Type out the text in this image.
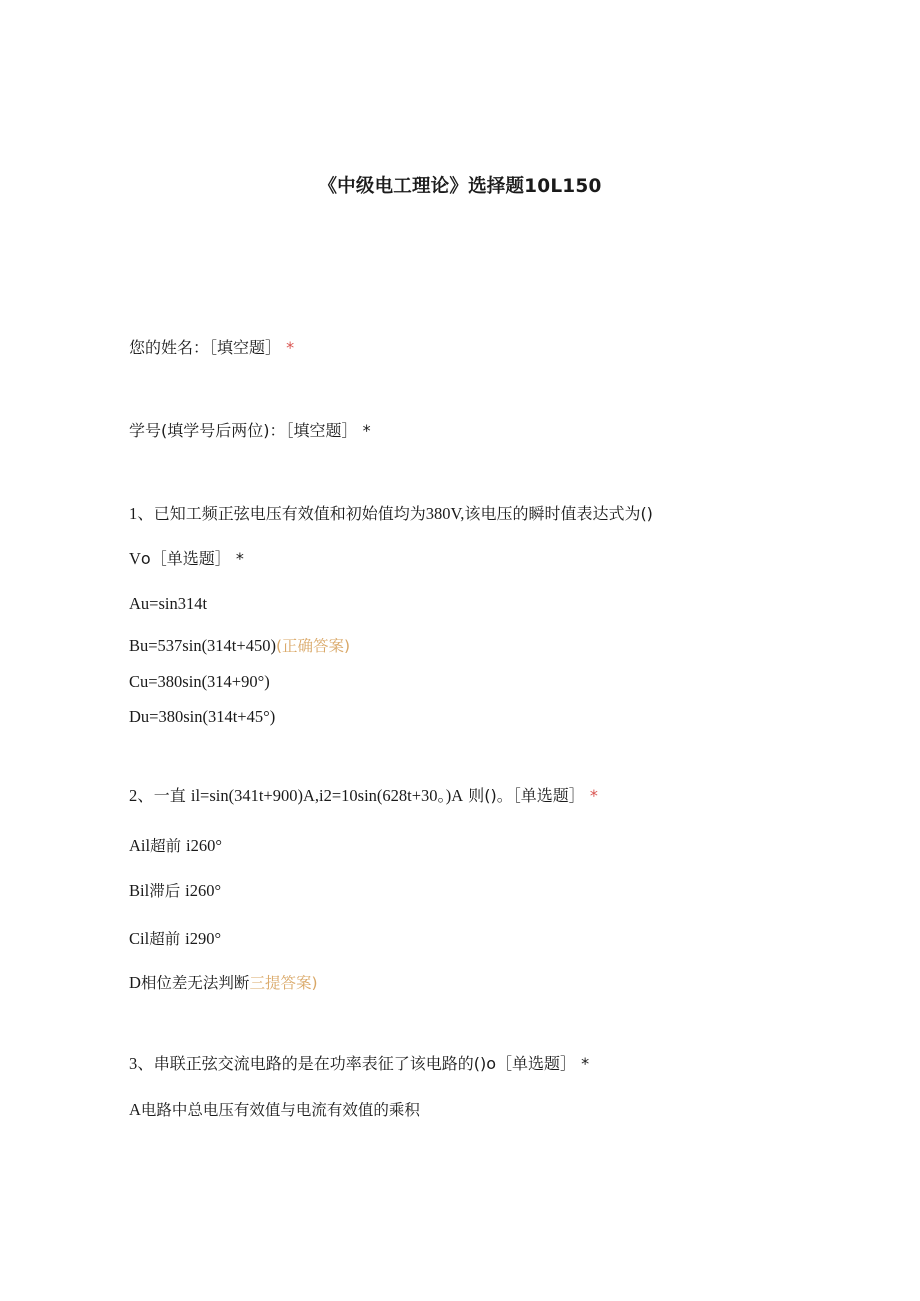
《中级电工理论》选择题10L150
您的姓名：［填空题］ *
学号(填学号后两位)：［填空题］ *
1、已知工频正弦电压有效值和初始值均为380V,该电压的瞬时值表达式为()
Vo［单选题］ *
Au=sin314t
Bu=537sin(314t+450)(正确答案)
Cu=380sin(314+90°)
Du=380sin(314t+45°)
2、一直 il=sin(341t+900)A,i2=10sin(628t+30。)A 则()。［单选题］ *
Ail超前 i260°
Bil滞后 i260°
Cil超前 i290°
D相位差无法判断三提答案)
3、串联正弦交流电路的是在功率表征了该电路的()o［单选题］ *
A电路中总电压有效值与电流有效值的乘积
